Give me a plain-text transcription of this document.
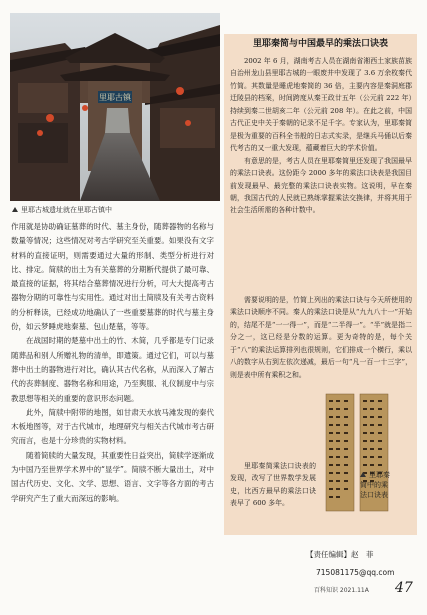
里耶古镇
里耶古城遗址就在里耶古镇中

作用就是协助确证墓葬的时代、墓主身份，随葬器物的名称与数量等情况；这些情况对考古学研究至关重要。如果没有文字材料的直接证明，则需要通过大量的形制、类型分析进行对比、排定。简牍的出土为有关墓葬的分期断代提供了最可靠、最直接的证据，将其结合墓葬情况进行分析，可大大提高考古器物分期的可靠性与实用性。通过对出土简牍及有关考古资料的分析释读，已经成功地确认了一些重要墓葬的时代与墓主身份，如云梦睡虎地秦墓、包山楚墓，等等。

在战国时期的楚墓中出土的竹、木简，几乎都是专门记录随葬品和别人所赠礼物的清单，即遣策。通过它们，可以与墓葬中出土的器物进行对比，确认其古代名称，从而深入了解古代的丧葬制度、器物名称和用途，乃至舆服、礼仪制度中与宗教思想等相关的重要的意识形态问题。

此外，简牍中附带的地图，如甘肃天水放马滩发现的秦代木板地图等，对于古代城市，地理研究与相关古代城市考古研究而言，也是十分珍贵的实物材料。

随着简牍的大量发现，其重要性日益突出，简牍学逐渐成为中国乃至世界学术界中的“显学”。简牍不断大量出土，对中国古代历史、文化、文学、思想、语言、文字等各方面的考古学研究产生了重大而深远的影响。

里耶秦简与中国最早的乘法口诀表

2002 年 6 月，湖南考古人员在湖南省湘西土家族苗族自治州龙山县里耶古城的一眼废井中发现了 3.6 万余枚秦代竹简。其数量是睡虎地秦简的 36 倍，主要内容是秦洞庭郡迁陵县的档案，时间跨度从秦王政廿五年（公元前 222 年）持续到秦二世胡亥二年（公元前 208 年）。在此之前，中国古代正史中关于秦朝的记录不足千字。专家认为，里耶秦简是极为重要的百科全书般的日志式实录，是继兵马俑以后秦代考古的又一重大发现，蕴藏着巨大的学术价值。

有意思的是，考古人员在里耶秦简里还发现了我国最早的乘法口诀表。这份距今 2000 多年的乘法口诀表是我国目前发现最早、最完整的乘法口诀表实物。这说明，早在秦朝，我国古代的人民就已熟练掌握乘法交换律，并将其用于社会生活所需的各种计数中。

需要说明的是，竹简上列出的乘法口诀与今天所使用的乘法口诀顺序不同。秦人的乘法口诀是从“九九八十一”开始的，结尾不是“一一得一”，而是“二半得一”。“半”就是指二分之一，这已经是分数的运算。更为奇特的是，每个关于“八”的乘法运算排列也很规则，它们排成一个横行，乘以八的数字从右到左依次递减，最后一句“凡一百一十三字”，则是表中所有乘积之和。

里耶秦简乘法口诀表的发现，改写了世界数学发展史，比西方最早的乘法口诀表早了 600 多年。

里耶秦
简中的乘
法口诀表
【责任编辑】赵　菲
715081175@qq.com
百科知识 2021.11A 47
